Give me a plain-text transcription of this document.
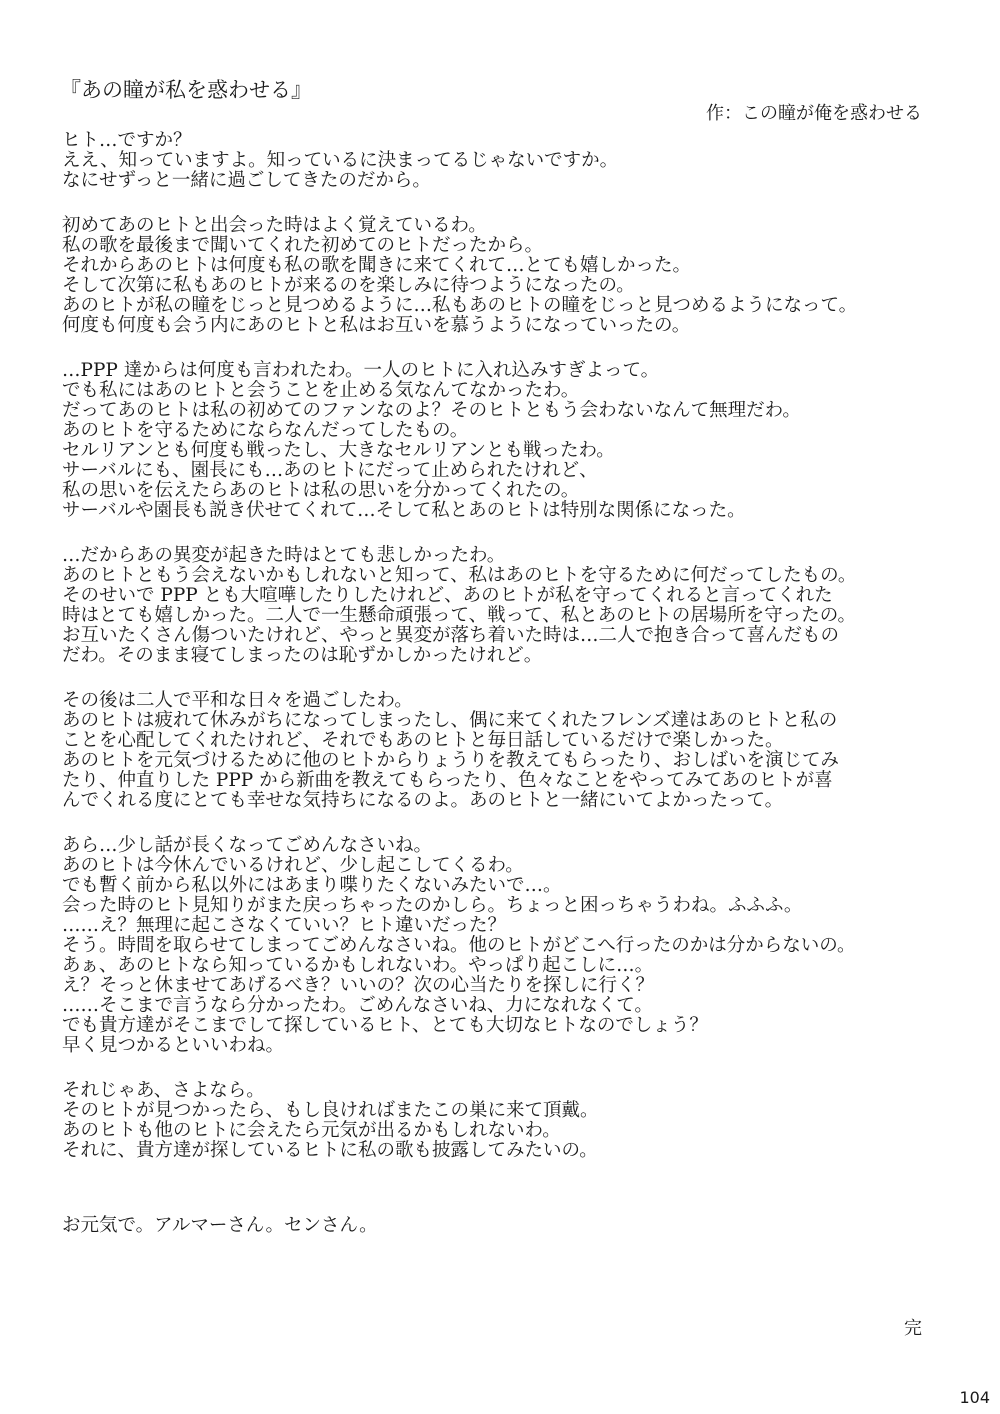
『あの瞳が私を惑わせる』
作：この瞳が俺を惑わせる
ヒト…ですか？
ええ、知っていますよ。知っているに決まってるじゃないですか。
なにせずっと一緒に過ごしてきたのだから。
初めてあのヒトと出会った時はよく覚えているわ。
私の歌を最後まで聞いてくれた初めてのヒトだったから。
それからあのヒトは何度も私の歌を聞きに来てくれて…とても嬉しかった。
そして次第に私もあのヒトが来るのを楽しみに待つようになったの。
あのヒトが私の瞳をじっと見つめるように…私もあのヒトの瞳をじっと見つめるようになって。
何度も何度も会う内にあのヒトと私はお互いを慕うようになっていったの。
…PPP 達からは何度も言われたわ。一人のヒトに入れ込みすぎよって。
でも私にはあのヒトと会うことを止める気なんてなかったわ。
だってあのヒトは私の初めてのファンなのよ？そのヒトともう会わないなんて無理だわ。
あのヒトを守るためにならなんだってしたもの。
セルリアンとも何度も戦ったし、大きなセルリアンとも戦ったわ。
サーバルにも、園長にも…あのヒトにだって止められたけれど、
私の思いを伝えたらあのヒトは私の思いを分かってくれたの。
サーバルや園長も説き伏せてくれて…そして私とあのヒトは特別な関係になった。
…だからあの異変が起きた時はとても悲しかったわ。
あのヒトともう会えないかもしれないと知って、私はあのヒトを守るために何だってしたもの。
そのせいで PPP とも大喧嘩したりしたけれど、あのヒトが私を守ってくれると言ってくれた
時はとても嬉しかった。二人で一生懸命頑張って、戦って、私とあのヒトの居場所を守ったの。
お互いたくさん傷ついたけれど、やっと異変が落ち着いた時は…二人で抱き合って喜んだもの
だわ。そのまま寝てしまったのは恥ずかしかったけれど。
その後は二人で平和な日々を過ごしたわ。
あのヒトは疲れて休みがちになってしまったし、偶に来てくれたフレンズ達はあのヒトと私の
ことを心配してくれたけれど、それでもあのヒトと毎日話しているだけで楽しかった。
あのヒトを元気づけるために他のヒトからりょうりを教えてもらったり、おしばいを演じてみ
たり、仲直りした PPP から新曲を教えてもらったり、色々なことをやってみてあのヒトが喜
んでくれる度にとても幸せな気持ちになるのよ。あのヒトと一緒にいてよかったって。
あら…少し話が長くなってごめんなさいね。
あのヒトは今休んでいるけれど、少し起こしてくるわ。
でも暫く前から私以外にはあまり喋りたくないみたいで…。
会った時のヒト見知りがまた戻っちゃったのかしら。ちょっと困っちゃうわね。ふふふ。
……え？無理に起こさなくていい？ヒト違いだった？
そう。時間を取らせてしまってごめんなさいね。他のヒトがどこへ行ったのかは分からないの。
あぁ、あのヒトなら知っているかもしれないわ。やっぱり起こしに…。
え？そっと休ませてあげるべき？いいの？次の心当たりを探しに行く？
……そこまで言うなら分かったわ。ごめんなさいね、力になれなくて。
でも貴方達がそこまでして探しているヒト、とても大切なヒトなのでしょう？
早く見つかるといいわね。
それじゃあ、さよなら。
そのヒトが見つかったら、もし良ければまたこの巣に来て頂戴。
あのヒトも他のヒトに会えたら元気が出るかもしれないわ。
それに、貴方達が探しているヒトに私の歌も披露してみたいの。
お元気で。アルマーさん。センさん。
完
104
